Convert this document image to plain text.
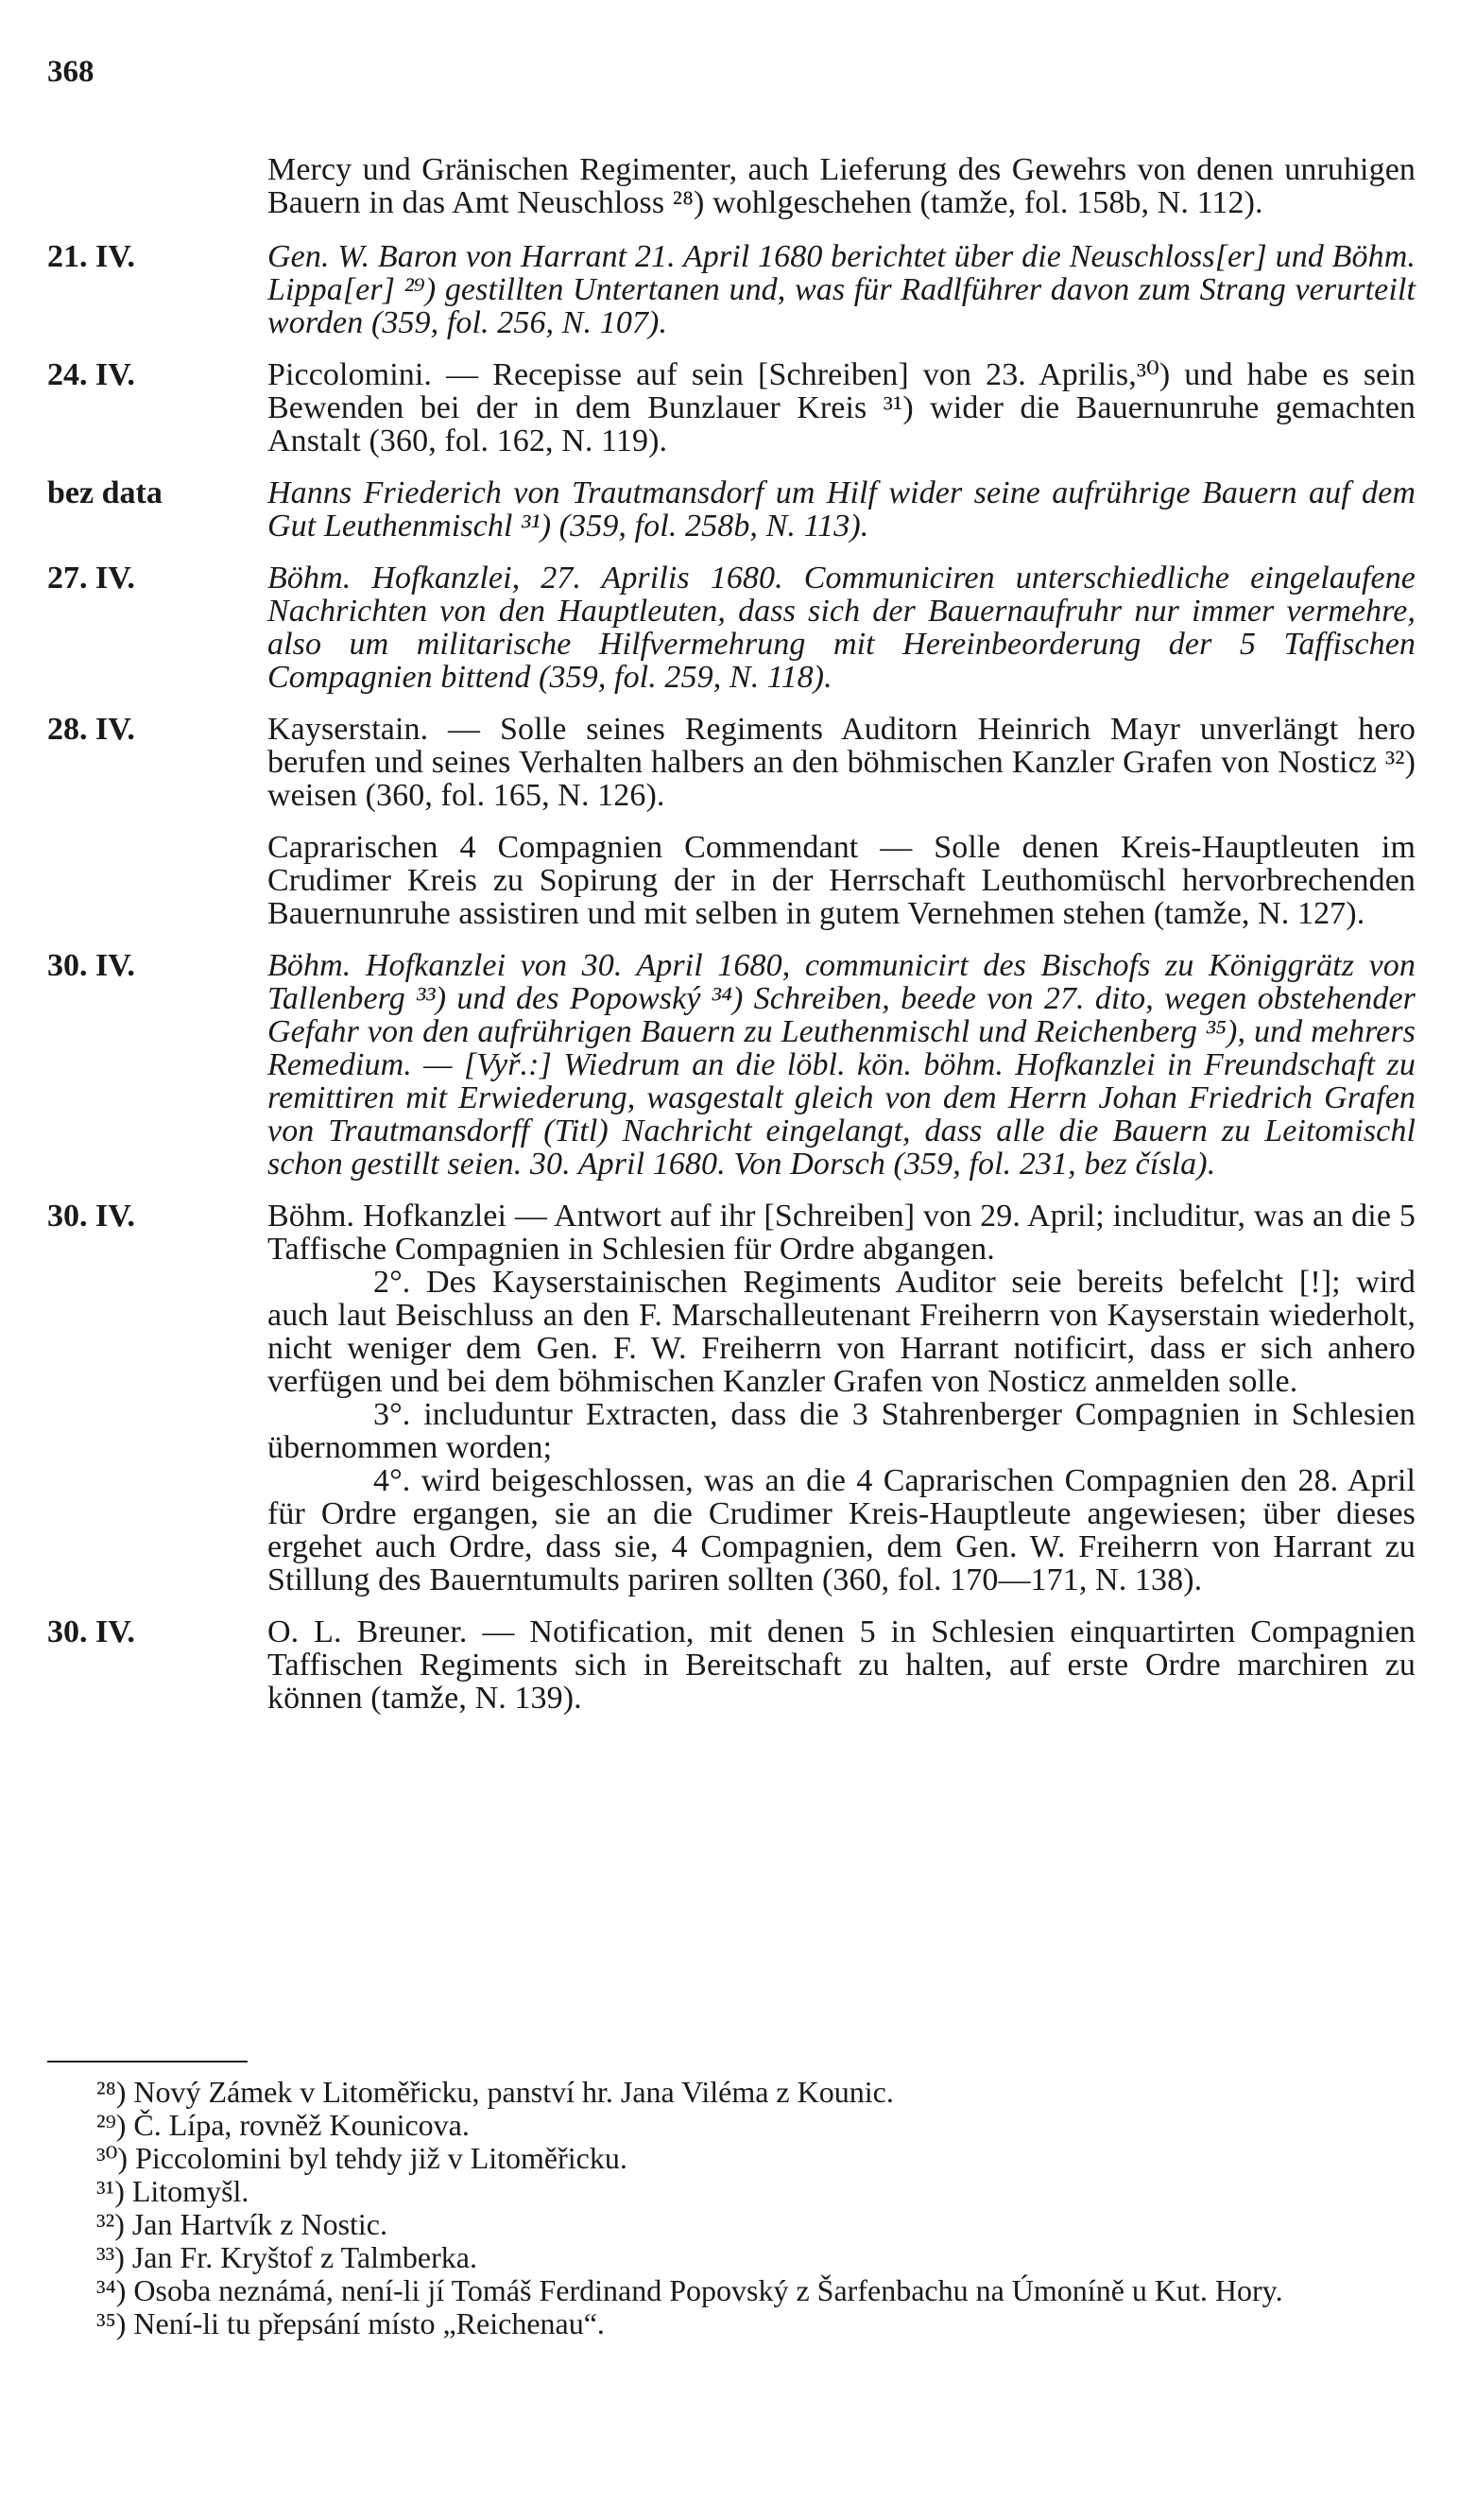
368
Mercy und Gränischen Regimenter, auch Lieferung des Gewehrs von denen unruhigen Bauern in das Amt Neuschloss ²⁸) wohlgeschehen (tamže, fol. 158b, N. 112).
21. IV.	Gen. W. Baron von Harrant 21. April 1680 berichtet über die Neuschloss[er] und Böhm. Lippa[er] ²⁹) gestillten Untertanen und, was für Radlführer davon zum Strang verurteilt worden (359, fol. 256, N. 107).
24. IV.	Piccolomini. — Recepisse auf sein [Schreiben] von 23. Aprilis,³⁰) und habe es sein Bewenden bei der in dem Bunzlauer Kreis ³¹) wider die Bauernunruhe gemachten Anstalt (360, fol. 162, N. 119).
bez data	Hanns Friederich von Trautmansdorf um Hilf wider seine aufrührige Bauern auf dem Gut Leuthenmischl ³¹) (359, fol. 258b, N. 113).
27. IV.	Böhm. Hofkanzlei, 27. Aprilis 1680. Communiciren unterschiedliche eingelaufene Nachrichten von den Hauptleuten, dass sich der Bauernaufruhr nur immer vermehre, also um militarische Hilfvermehrung mit Hereinbeorderung der 5 Taffischen Compagnien bittend (359, fol. 259, N. 118).
28. IV.	Kayserstain. — Solle seines Regiments Auditorn Heinrich Mayr unverlängt hero berufen und seines Verhalten halbers an den böhmischen Kanzler Grafen von Nosticz ³²) weisen (360, fol. 165, N. 126).
Caprarischen 4 Compagnien Commendant — Solle denen Kreis-Hauptleuten im Crudimer Kreis zu Sopirung der in der Herrschaft Leuthomüschl hervorbrechenden Bauernunruhe assistiren und mit selben in gutem Vernehmen stehen (tamže, N. 127).
30. IV.	Böhm. Hofkanzlei von 30. April 1680, communicirt des Bischofs zu Königgrätz von Tallenberg ³³) und des Popowský ³⁴) Schreiben, beede von 27. dito, wegen obstehender Gefahr von den aufrührigen Bauern zu Leuthenmischl und Reichenberg ³⁵), und mehrers Remedium. — [Vyř.:] Wiedrum an die löbl. kön. böhm. Hofkanzlei in Freundschaft zu remittiren mit Erwiederung, wasgestalt gleich von dem Herrn Johan Friedrich Grafen von Trautmansdorff (Titl) Nachricht eingelangt, dass alle die Bauern zu Leitomischl schon gestillt seien. 30. April 1680. Von Dorsch (359, fol. 231, bez čísla).
30. IV.	Böhm. Hofkanzlei — Antwort auf ihr [Schreiben] von 29. April; includitur, was an die 5 Taffische Compagnien in Schlesien für Ordre abgangen.

2°. Des Kayserstainischen Regiments Auditor seie bereits befelcht [!]; wird auch laut Beischluss an den F. Marschalleutenant Freiherrn von Kayserstain wiederholt, nicht weniger dem Gen. F. W. Freiherrn von Harrant notificirt, dass er sich anhero verfügen und bei dem böhmischen Kanzler Grafen von Nosticz anmelden solle.

3°. includuntur Extracten, dass die 3 Stahrenberger Compagnien in Schlesien übernommen worden;

4°. wird beigeschlossen, was an die 4 Caprarischen Compagnien den 28. April für Ordre ergangen, sie an die Crudimer Kreis-Hauptleute angewiesen; über dieses ergehet auch Ordre, dass sie, 4 Compagnien, dem Gen. W. Freiherrn von Harrant zu Stillung des Bauerntumults pariren sollten (360, fol. 170—171, N. 138).

30. IV.	O. L. Breuner. — Notification, mit denen 5 in Schlesien einquartirten Compagnien Taffischen Regiments sich in Bereitschaft zu halten, auf erste Ordre marchiren zu können (tamže, N. 139).
²⁸) Nový Zámek v Litoměřicku, panství hr. Jana Viléma z Kounic.
²⁹) Č. Lípa, rovněž Kounicova.
³⁰) Piccolomini byl tehdy již v Litoměřicku.
³¹) Litomyšl.
³²) Jan Hartvík z Nostic.
³³) Jan Fr. Kryštof z Talmberka.
³⁴) Osoba neznámá, není-li jí Tomáš Ferdinand Popovský z Šarfenbachu na Úmoníně u Kut. Hory.
³⁵) Není-li tu přepsání místo „Reichenau“.
